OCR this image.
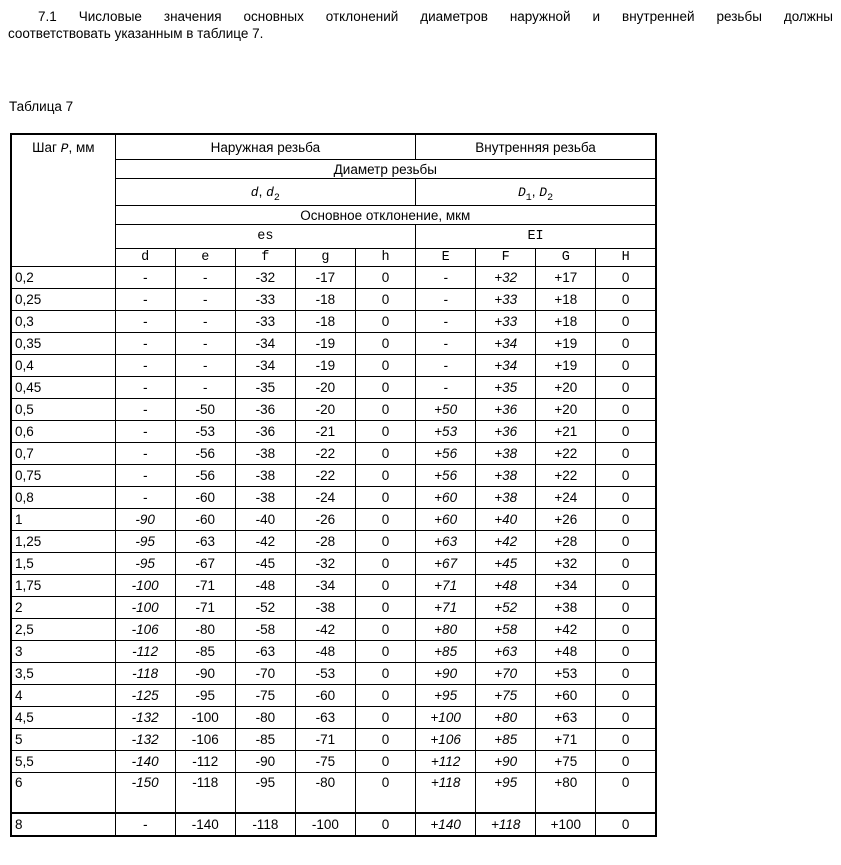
7.1 Числовые значения основных отклонений диаметров наружной и внутренней резьбы должны
соответствовать указанным в таблице 7.
Таблица 7
Шаг P, мм	Наружная резьба					Внутренняя резьба			
	Диаметр резьбы								
	d, $d_2$					$D_1$, $D_2$
	Основное отклонение, мкм								
	es					EI			
	d	e	f	g	h	E	F	G	H
0,2	-	-	-32	-17	0	-	+32	+17	0
0,25	-	-	-33	-18	0	-	+33	+18	0
0,3	-	-	-33	-18	0	-	+33	+18	0
0,35	-	-	-34	-19	0	-	+34	+19	0
0,4	-	-	-34	-19	0	-	+34	+19	0
0,45	-	-	-35	-20	0	-	+35	+20	0
0,5	-	-50	-36	-20	0	+50	+36	+20	0
0,6	-	-53	-36	-21	0	+53	+36	+21	0
0,7	-	-56	-38	-22	0	+56	+38	+22	0
0,75	-	-56	-38	-22	0	+56	+38	+22	0
0,8	-	-60	-38	-24	0	+60	+38	+24	0
1	-90	-60	-40	-26	0	+60	+40	+26	0
1,25	-95	-63	-42	-28	0	+63	+42	+28	0
1,5	-95	-67	-45	-32	0	+67	+45	+32	0
1,75	-100	-71	-48	-34	0	+71	+48	+34	0
2	-100	-71	-52	-38	0	+71	+52	+38	0
2,5	-106	-80	-58	-42	0	+80	+58	+42	0
3	-112	-85	-63	-48	0	+85	+63	+48	0
3,5	-118	-90	-70	-53	0	+90	+70	+53	0
4	-125	-95	-75	-60	0	+95	+75	+60	0
4,5	-132	-100	-80	-63	0	+100	+80	+63	0
5	-132	-106	-85	-71	0	+106	+85	+71	0
5,5	-140	-112	-90	-75	0	+112	+90	+75	0
6	-150	-118	-95	-80	0	+118	+95	+80	0
8	-	-140	-118	-100	0	+140	+118	+100	0
